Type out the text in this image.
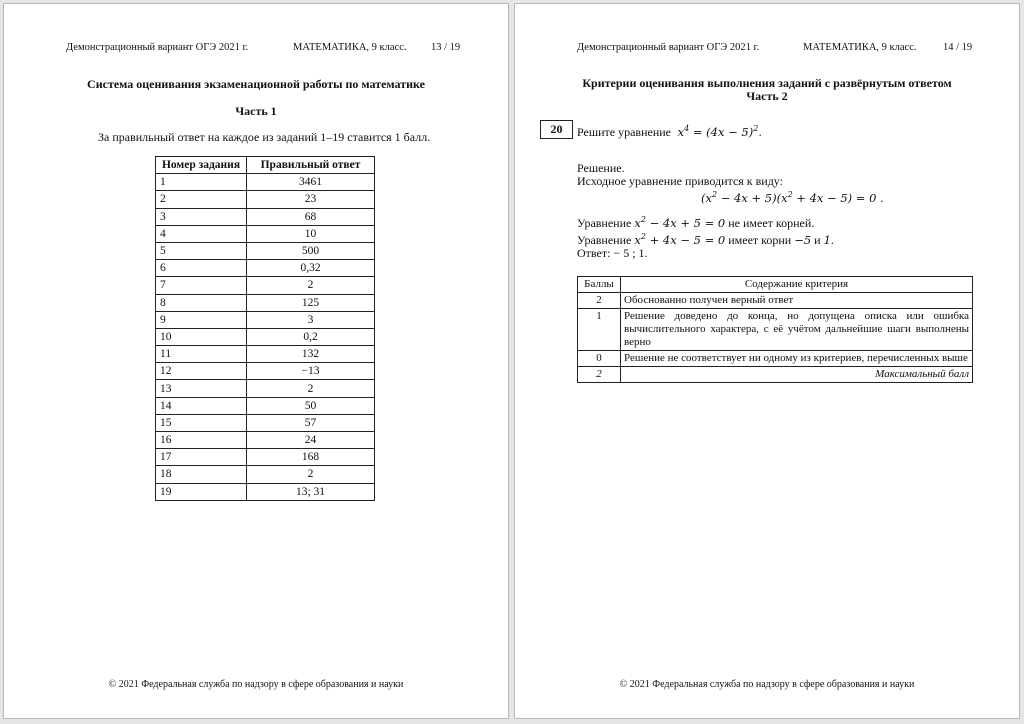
Демонстрационный вариант ОГЭ 2021 г.	МАТЕМАТИКА, 9 класс. 13 / 19
Система оценивания экзаменационной работы по математике
Часть 1
За правильный ответ на каждое из заданий 1–19 ставится 1 балл.
Номер задания	Правильный ответ
1	3461
2	23
3	68
4	10
5	500
6	0,32
7	2
8	125
9	3
10	0,2
11	132
12	−13
13	2
14	50
15	57
16	24
17	168
18	2
19	13; 31
© 2021 Федеральная служба по надзору в сфере образования и науки
Демонстрационный вариант ОГЭ 2021 г.	МАТЕМАТИКА, 9 класс.	14 / 19
Критерии оценивания выполнения заданий с развёрнутым ответом
Часть 2
20	Решите уравнение  $x^4 = (4x - 5)^2$.
Решение.
Исходное уравнение приводится к виду:
$(x^2 - 4x + 5)(x^2 + 4x - 5) = 0$ .
Уравнение $x^2 - 4x + 5 = 0$ не имеет корней.
Уравнение $x^2 + 4x - 5 = 0$ имеет корни −5 и 1.
Ответ: − 5 ; 1.
Баллы	Содержание критерия
2	Обоснованно получен верный ответ
1	Решение доведено до конца, но допущена описка или ошибка вычислительного характера, с её учётом дальнейшие шаги выполнены верно
0	Решение не соответствует ни одному из критериев, перечисленных выше
2	Максимальный балл
© 2021 Федеральная служба по надзору в сфере образования и науки
